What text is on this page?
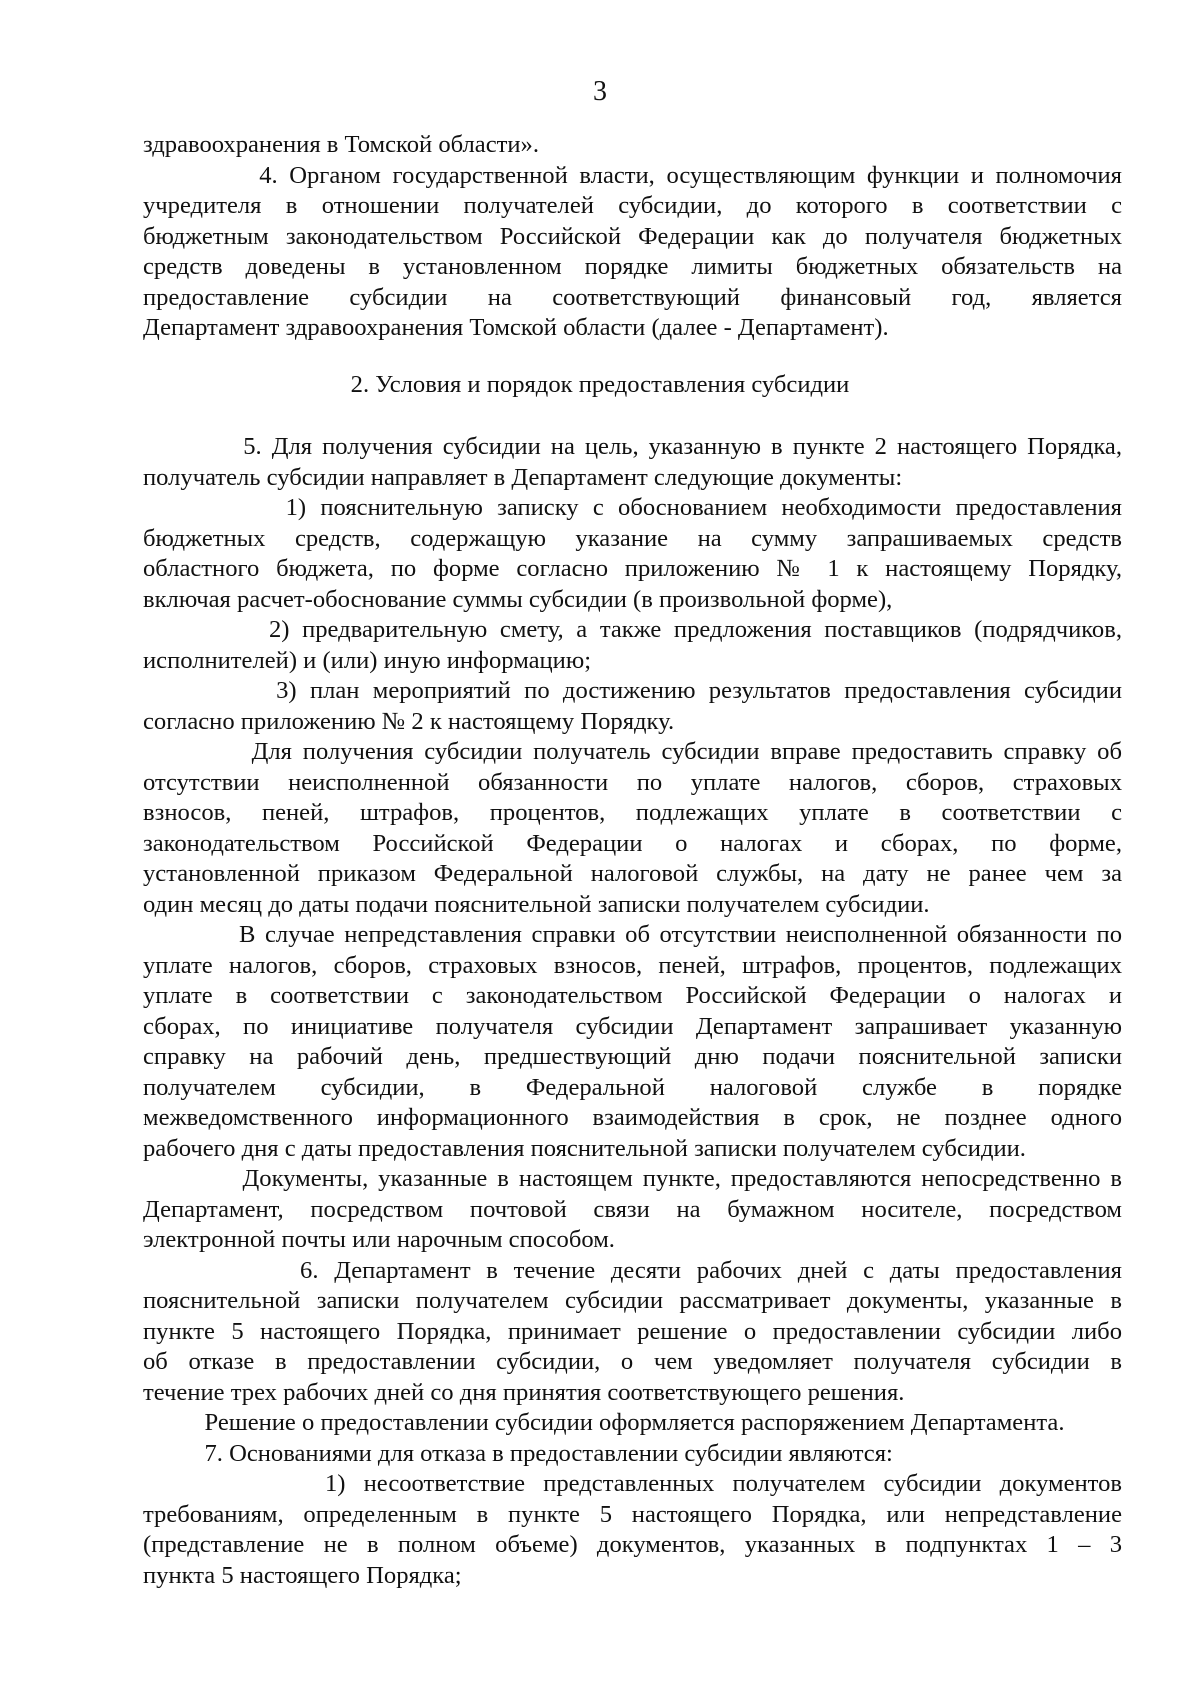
3
здравоохранения в Томской области».
4. Органом государственной власти, осуществляющим функции и полномочия
учредителя в отношении получателей субсидии, до которого в соответствии с
бюджетным законодательством Российской Федерации как до получателя бюджетных
средств доведены в установленном порядке лимиты бюджетных обязательств на
предоставление субсидии на соответствующий финансовый год, является
Департамент здравоохранения Томской области (далее - Департамент).
2. Условия и порядок предоставления субсидии
5. Для получения субсидии на цель, указанную в пункте 2 настоящего Порядка,
получатель субсидии направляет в Департамент следующие документы:
1) пояснительную записку с обоснованием необходимости предоставления
бюджетных средств, содержащую указание на сумму запрашиваемых средств
областного бюджета, по форме согласно приложению № 1 к настоящему Порядку,
включая расчет-обоснование суммы субсидии (в произвольной форме),
2) предварительную смету, а также предложения поставщиков (подрядчиков,
исполнителей) и (или) иную информацию;
3) план мероприятий по достижению результатов предоставления субсидии
согласно приложению № 2 к настоящему Порядку.
Для получения субсидии получатель субсидии вправе предоставить справку об
отсутствии неисполненной обязанности по уплате налогов, сборов, страховых
взносов, пеней, штрафов, процентов, подлежащих уплате в соответствии с
законодательством Российской Федерации о налогах и сборах, по форме,
установленной приказом Федеральной налоговой службы, на дату не ранее чем за
один месяц до даты подачи пояснительной записки получателем субсидии.
В случае непредставления справки об отсутствии неисполненной обязанности по
уплате налогов, сборов, страховых взносов, пеней, штрафов, процентов, подлежащих
уплате в соответствии с законодательством Российской Федерации о налогах и
сборах, по инициативе получателя субсидии Департамент запрашивает указанную
справку на рабочий день, предшествующий дню подачи пояснительной записки
получателем субсидии, в Федеральной налоговой службе в порядке
межведомственного информационного взаимодействия в срок, не позднее одного
рабочего дня с даты предоставления пояснительной записки получателем субсидии.
Документы, указанные в настоящем пункте, предоставляются непосредственно в
Департамент, посредством почтовой связи на бумажном носителе, посредством
электронной почты или нарочным способом.
6. Департамент в течение десяти рабочих дней с даты предоставления
пояснительной записки получателем субсидии рассматривает документы, указанные в
пункте 5 настоящего Порядка, принимает решение о предоставлении субсидии либо
об отказе в предоставлении субсидии, о чем уведомляет получателя субсидии в
течение трех рабочих дней со дня принятия соответствующего решения.
Решение о предоставлении субсидии оформляется распоряжением Департамента.
7. Основаниями для отказа в предоставлении субсидии являются:
1) несоответствие представленных получателем субсидии документов
требованиям, определенным в пункте 5 настоящего Порядка, или непредставление
(представление не в полном объеме) документов, указанных в подпунктах 1 – 3
пункта 5 настоящего Порядка;
